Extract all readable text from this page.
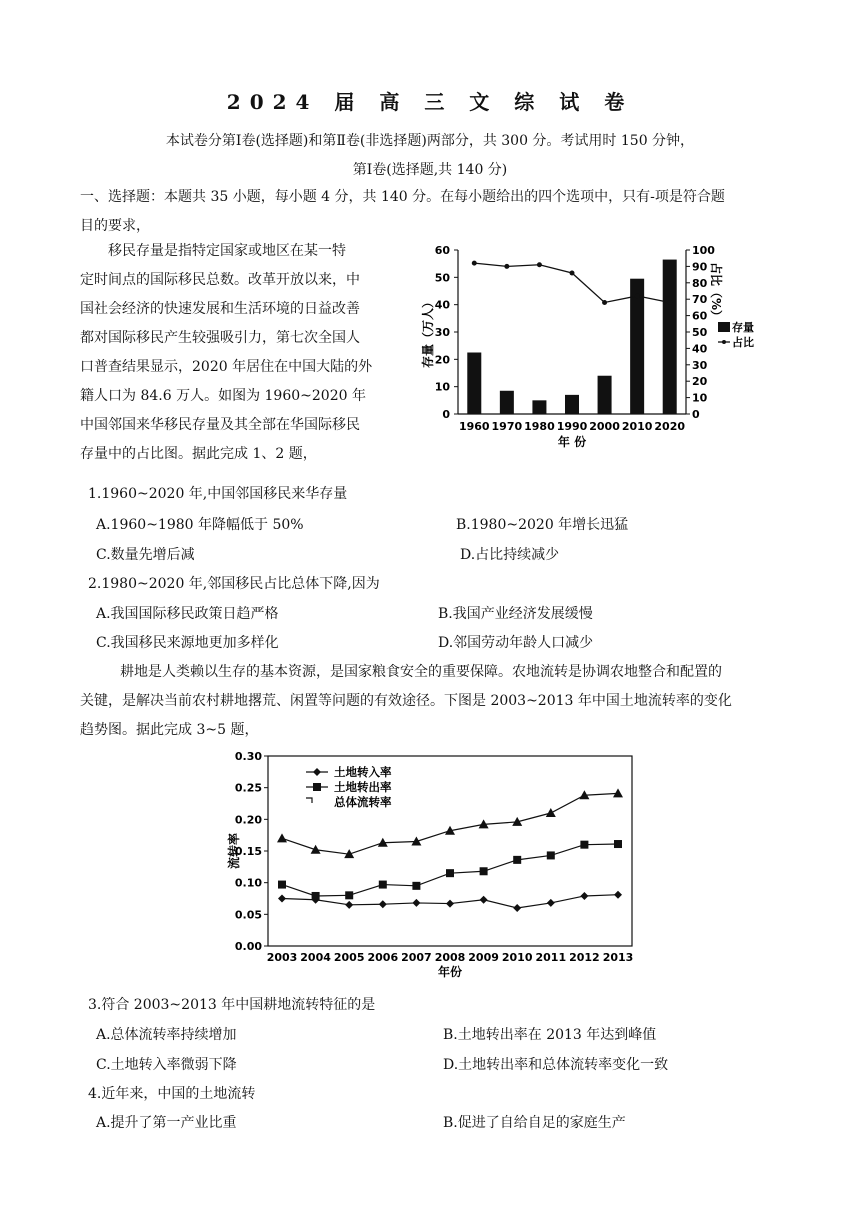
2024 届 高 三 文 综 试 卷
本试卷分第Ⅰ卷(选择题)和第Ⅱ卷(非选择题)两部分，共 300 分。考试用时 150 分钟，
第Ⅰ卷(选择题,共 140 分)
一、选择题：本题共 35 小题，每小题 4 分，共 140 分。在每小题给出的四个选项中，只有-项是符合题
目的要求，
移民存量是指特定国家或地区在某一特
定时间点的国际移民总数。改革开放以来，中
国社会经济的快速发展和生活环境的日益改善
都对国际移民产生较强吸引力，第七次全国人
口普查结果显示，2020 年居住在中国大陆的外
籍人口为 84.6 万人。如图为 1960~2020 年
中国邻国来华移民存量及其全部在华国际移民
存量中的占比图。据此完成 1、2 题，
0
10
20
30
40
50
60
0
10
20
30
40
50
60
70
80
90
100
1960 1970 1980 1990 2000 2010 2020
年 份
存量（万人）
占比（%）
存量
占比
1.1960~2020 年,中国邻国移民来华存量
A.1960~1980 年降幅低于 50%	B.1980~2020 年增长迅猛
C.数量先增后减	D.占比持续减少
2.1980~2020 年,邻国移民占比总体下降,因为
A.我国国际移民政策日趋严格	B.我国产业经济发展缓慢
C.我国移民来源地更加多样化	D.邻国劳动年龄人口减少
耕地是人类赖以生存的基本资源，是国家粮食安全的重要保障。农地流转是协调农地整合和配置的
关键，是解决当前农村耕地撂荒、闲置等问题的有效途径。下图是 2003~2013 年中国土地流转率的变化
趋势图。据此完成 3~5 题，
0.00
0.05
0.10
0.15
0.20
0.25
0.30
2003 2004 2005 2006 2007 2008 2009 2010 2011 2012 2013
年份
流转率
土地转入率
土地转出率
总体流转率
3.符合 2003~2013 年中国耕地流转特征的是
A.总体流转率持续增加	B.土地转出率在 2013 年达到峰值
C.土地转入率微弱下降	D.土地转出率和总体流转率变化一致
4.近年来，中国的土地流转
A.提升了第一产业比重	B.促进了自给自足的家庭生产
